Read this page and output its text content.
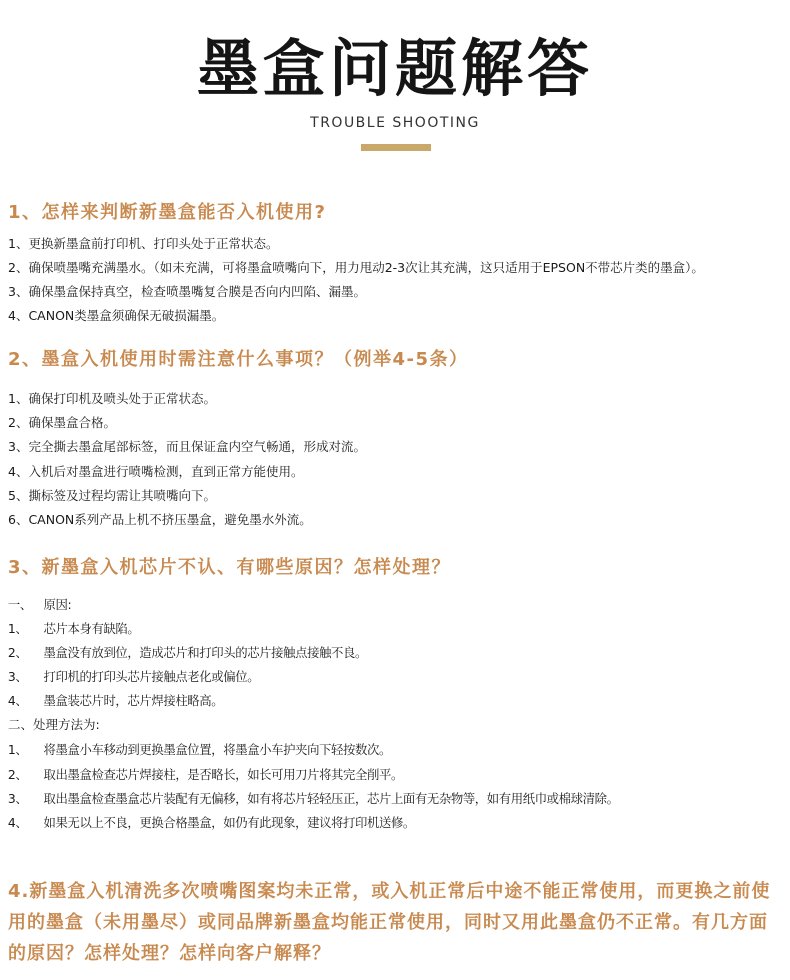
墨盒问题解答
TROUBLE SHOOTING
1、怎样来判断新墨盒能否入机使用?
1、更换新墨盒前打印机、打印头处于正常状态。
2、确保喷墨嘴充满墨水。（如未充满，可将墨盒喷嘴向下，用力甩动2-3次让其充满，这只适用于EPSON不带芯片类的墨盒）。
3、确保墨盒保持真空，检查喷墨嘴复合膜是否向内凹陷、漏墨。
4、CANON类墨盒须确保无破损漏墨。
2、墨盒入机使用时需注意什么事项？（例举4-5条）
1、确保打印机及喷头处于正常状态。
2、确保墨盒合格。
3、完全撕去墨盒尾部标签，而且保证盒内空气畅通，形成对流。
4、入机后对墨盒进行喷嘴检测，直到正常方能使用。
5、撕标签及过程均需让其喷嘴向下。
6、CANON系列产品上机不挤压墨盒，避免墨水外流。
3、新墨盒入机芯片不认、有哪些原因？怎样处理？
一、 原因:
1、 芯片本身有缺陷。
2、 墨盒没有放到位，造成芯片和打印头的芯片接触点接触不良。
3、 打印机的打印头芯片接触点老化或偏位。
4、 墨盒装芯片时，芯片焊接柱略高。
二、处理方法为:
1、 将墨盒小车移动到更换墨盒位置，将墨盒小车护夹向下轻按数次。
2、 取出墨盒检查芯片焊接柱，是否略长，如长可用刀片将其完全削平。
3、 取出墨盒检查墨盒芯片装配有无偏移，如有将芯片轻轻压正，芯片上面有无杂物等，如有用纸巾或棉球清除。
4、 如果无以上不良，更换合格墨盒，如仍有此现象，建议将打印机送修。
4.新墨盒入机清洗多次喷嘴图案均未正常，或入机正常后中途不能正常使用，而更换之前使用的墨盒（未用墨尽）或同品牌新墨盒均能正常使用，同时又用此墨盒仍不正常。有几方面的原因？怎样处理？怎样向客户解释？
